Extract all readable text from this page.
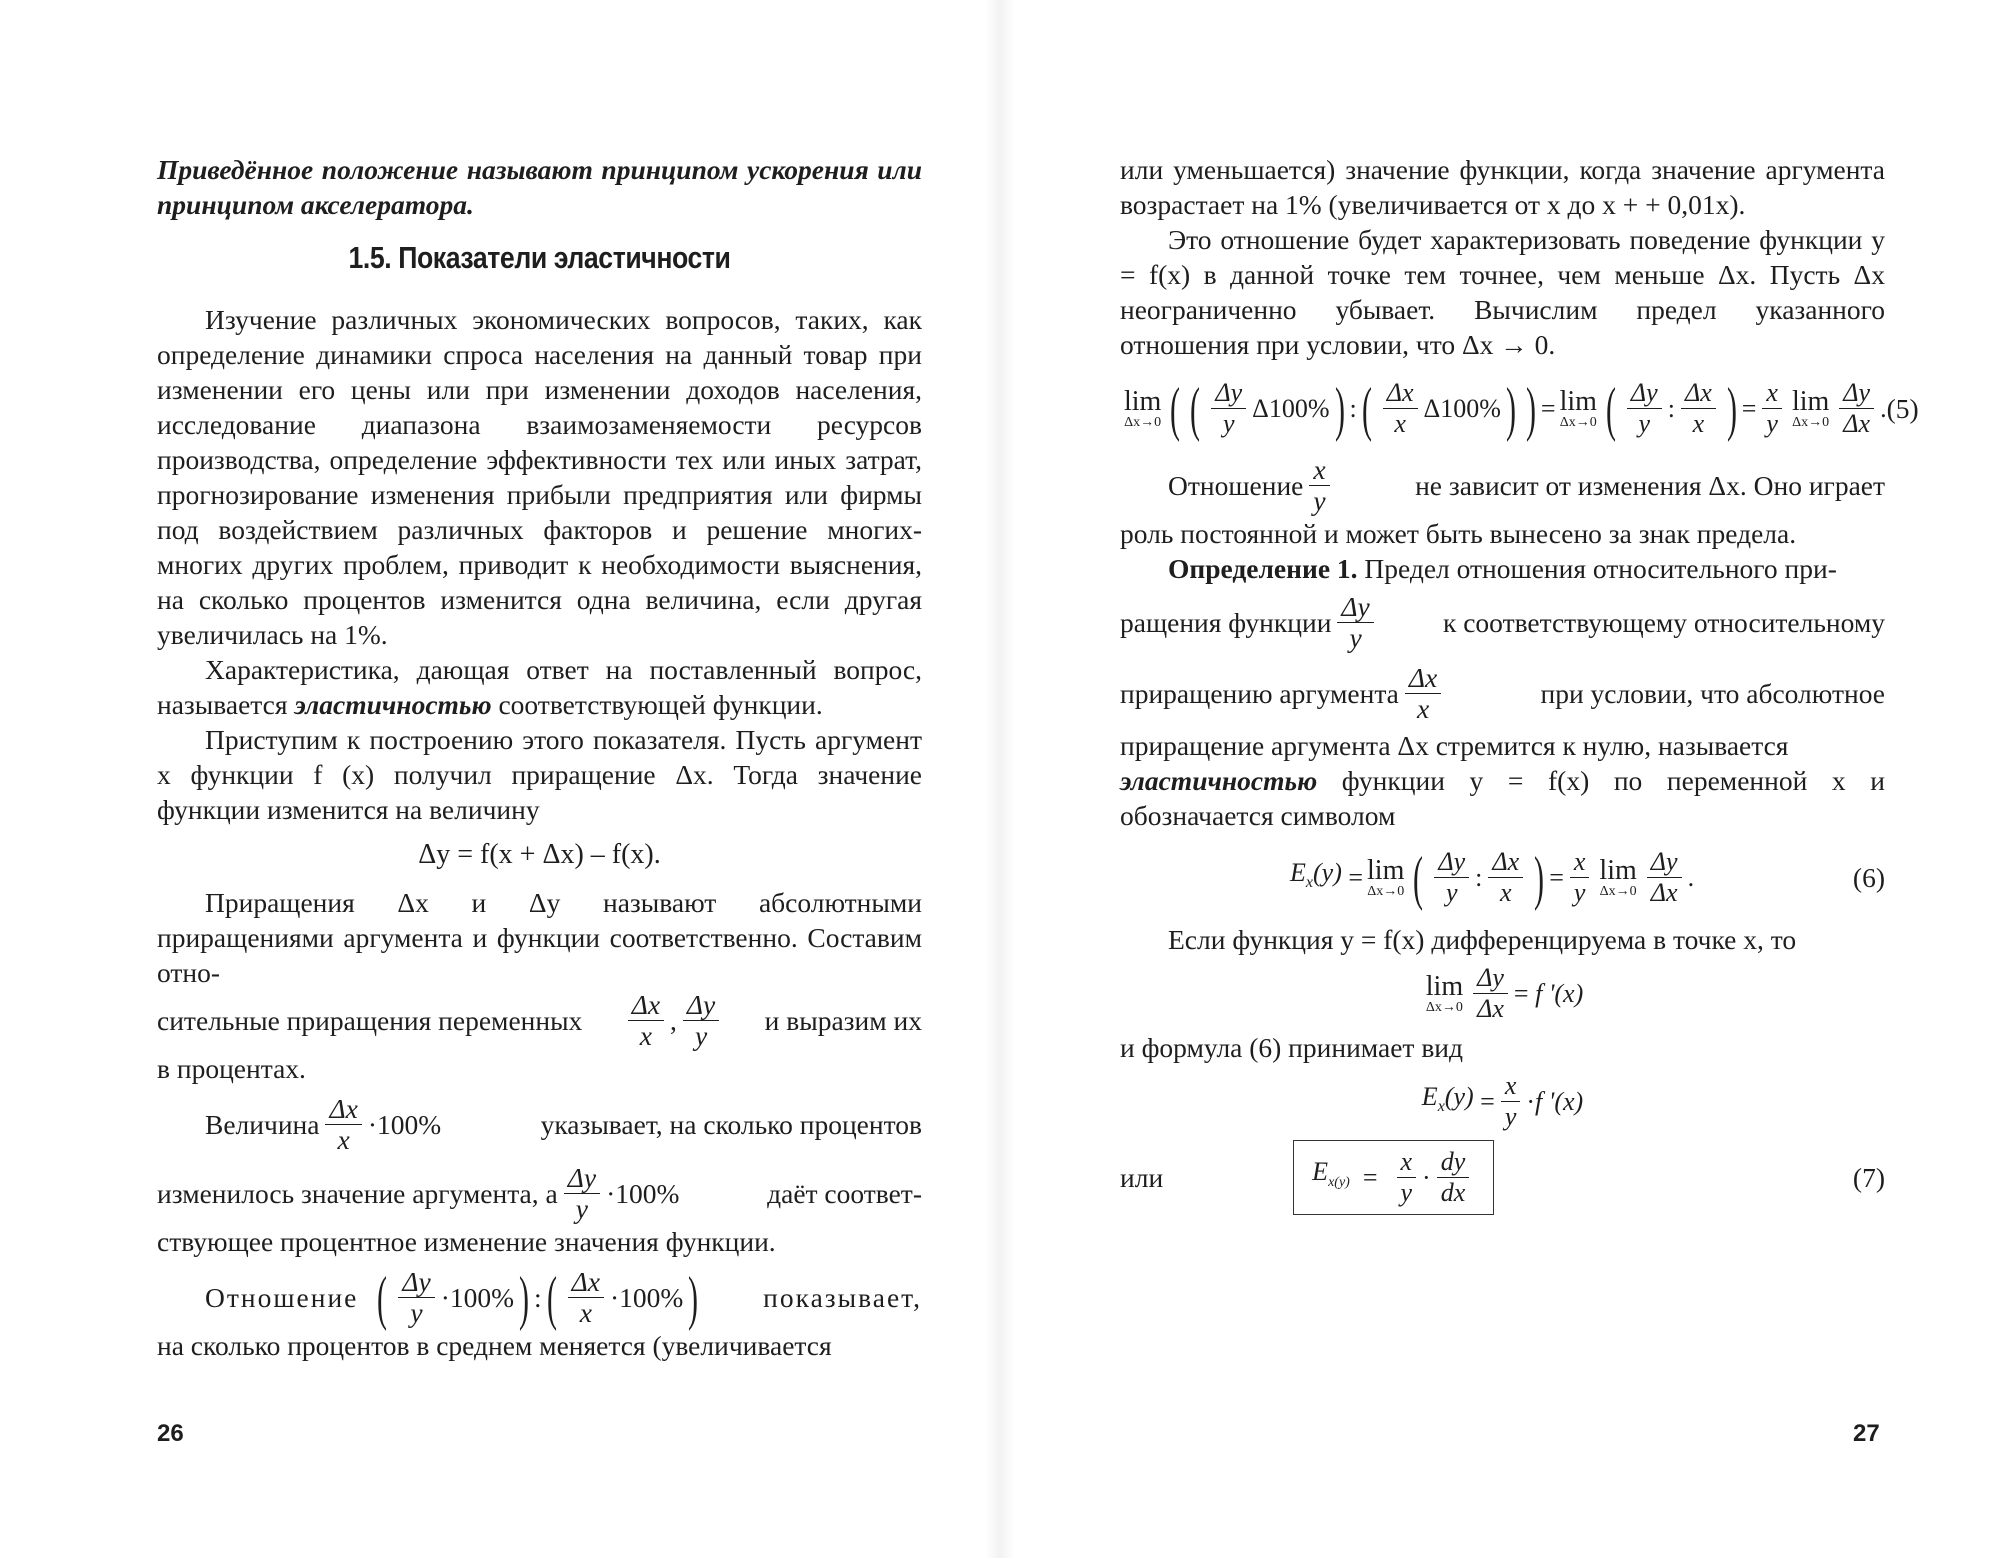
Приведённое положение называют принципом ускорения или принципом акселератора.

1.5. Показатели эластичности

Изучение различных экономических вопросов, таких, как определение динамики спроса населения на данный товар при изменении его цены или при изменении доходов населения, исследование диапазона взаимозаменяемости ресурсов производства, определение эффективности тех или иных затрат, прогнозирование изменения прибыли предприятия или фирмы под воздействием различных факторов и решение многих-многих других проблем, приводит к необходимости выяснения, на сколько процентов изменится одна величина, если другая увеличилась на 1%.

Характеристика, дающая ответ на поставленный вопрос, называется эластичностью соответствующей функции.

Приступим к построению этого показателя. Пусть аргумент x функции f (x) получил приращение Δx. Тогда значение функции изменится на величину

Δy = f(x + Δx) – f(x).

Приращения Δx и Δy называют абсолютными приращениями аргумента и функции соответственно. Составим отно-

сительные приращения переменных $\frac{\Delta x}{x}$ , $\frac{\Delta y}{y}$ и выразим их

в процентах.

Величина $\frac{\Delta x}{x} \cdot 100\%$	указывает, на сколько процентов
изменилось значение аргумента, а $\frac{\Delta y}{y} \cdot 100\%$	даёт соответ-

ствующее процентное изменение значения функции.

Отношение ( $\frac{\Delta y}{y} \cdot 100\%$ ) : ( $\frac{\Delta x}{x} \cdot 100\%$ ) показывает,

на сколько процентов в среднем меняется (увеличивается

26

или уменьшается) значение функции, когда значение аргумента возрастает на 1% (увеличивается от x до x + + 0,01x).

Это отношение будет характеризовать поведение функции y = f(x) в данной точке тем точнее, чем меньше Δx. Пусть Δx неограниченно убывает. Вычислим предел указанного отношения при условии, что Δx → 0.

lim
Δx→0 ( ( $\frac{\Delta y}{y} \Delta 100\%$ ) : ( $\frac{\Delta x}{x} \Delta 100\%$ ) ) = lim
Δx→0 ( $\frac{\Delta y}{y}$ : $\frac{\Delta x}{x}$ ) = $\frac{x}{y}$ lim
$\Delta x\to 0 \frac{\Delta y}{\Delta x}$ . (5)
Отношение $\frac{x}{y}$	не зависит от изменения Δx. Оно играет

роль постоянной и может быть вынесено за знак предела.

Определение 1. Предел отношения относительного при-

ращения функции $\frac{\Delta y}{y}$	к соответствующему относительному
приращению аргумента $\frac{\Delta x}{x}$	при условии, что абсолютное

приращение аргумента Δx стремится к нулю, называется

эластичностью функции y = f(x) по переменной x и обозначается символом

$E_x(y) = \lim$
Δx→0 ( $\frac{\Delta y}{y}$ : $\frac{\Delta x}{x}$ ) = $\frac{x}{y}$ lim
$\Delta x\to 0 \frac{\Delta y}{\Delta x}$ .	(6)

Если функция y = f(x) дифференцируема в точке x, то

lim
$\Delta x\to 0 \frac{\Delta y}{\Delta x} = f$ '(x)

и формула (6) принимает вид

$E_x(y) = \frac{x}{y} \cdot f$ '(x)
или	$E_{x(y)} = \frac{x}{y} \cdot \frac{dy}{dx}$	(7)
27
